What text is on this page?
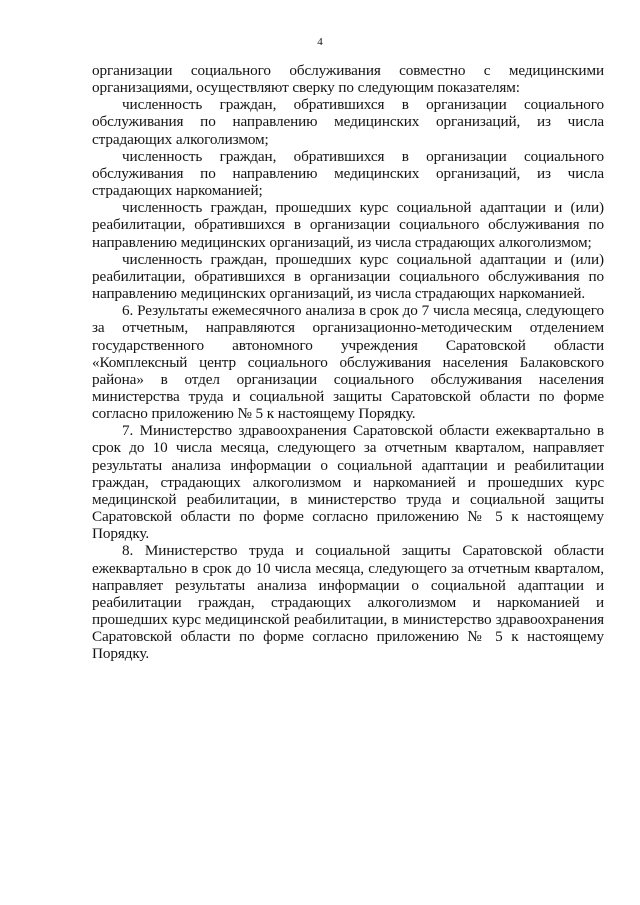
4

организации социального обслуживания совместно с медицинскими организациями, осуществляют сверку по следующим показателям:

численность граждан, обратившихся в организации социального обслуживания по направлению медицинских организаций, из числа страдающих алкоголизмом;

численность граждан, обратившихся в организации социального обслуживания по направлению медицинских организаций, из числа страдающих наркоманией;

численность граждан, прошедших курс социальной адаптации и (или) реабилитации, обратившихся в организации социального обслуживания по направлению медицинских организаций, из числа страдающих алкоголизмом;

численность граждан, прошедших курс социальной адаптации и (или) реабилитации, обратившихся в организации социального обслуживания по направлению медицинских организаций, из числа страдающих наркоманией.

6. Результаты ежемесячного анализа в срок до 7 числа месяца, следующего за отчетным, направляются организационно-методическим отделением государственного автономного учреждения Саратовской области «Комплексный центр социального обслуживания населения Балаковского района» в отдел организации социального обслуживания населения министерства труда и социальной защиты Саратовской области по форме согласно приложению № 5 к настоящему Порядку.

7. Министерство здравоохранения Саратовской области ежеквартально в срок до 10 числа месяца, следующего за отчетным кварталом, направляет результаты анализа информации о социальной адаптации и реабилитации граждан, страдающих алкоголизмом и наркоманией и прошедших курс медицинской реабилитации, в министерство труда и социальной защиты Саратовской области по форме согласно приложению № 5 к настоящему Порядку.

8. Министерство труда и социальной защиты Саратовской области ежеквартально в срок до 10 числа месяца, следующего за отчетным кварталом, направляет результаты анализа информации о социальной адаптации и реабилитации граждан, страдающих алкоголизмом и наркоманией и прошедших курс медицинской реабилитации, в министерство здравоохранения Саратовской области по форме согласно приложению № 5 к настоящему Порядку.
